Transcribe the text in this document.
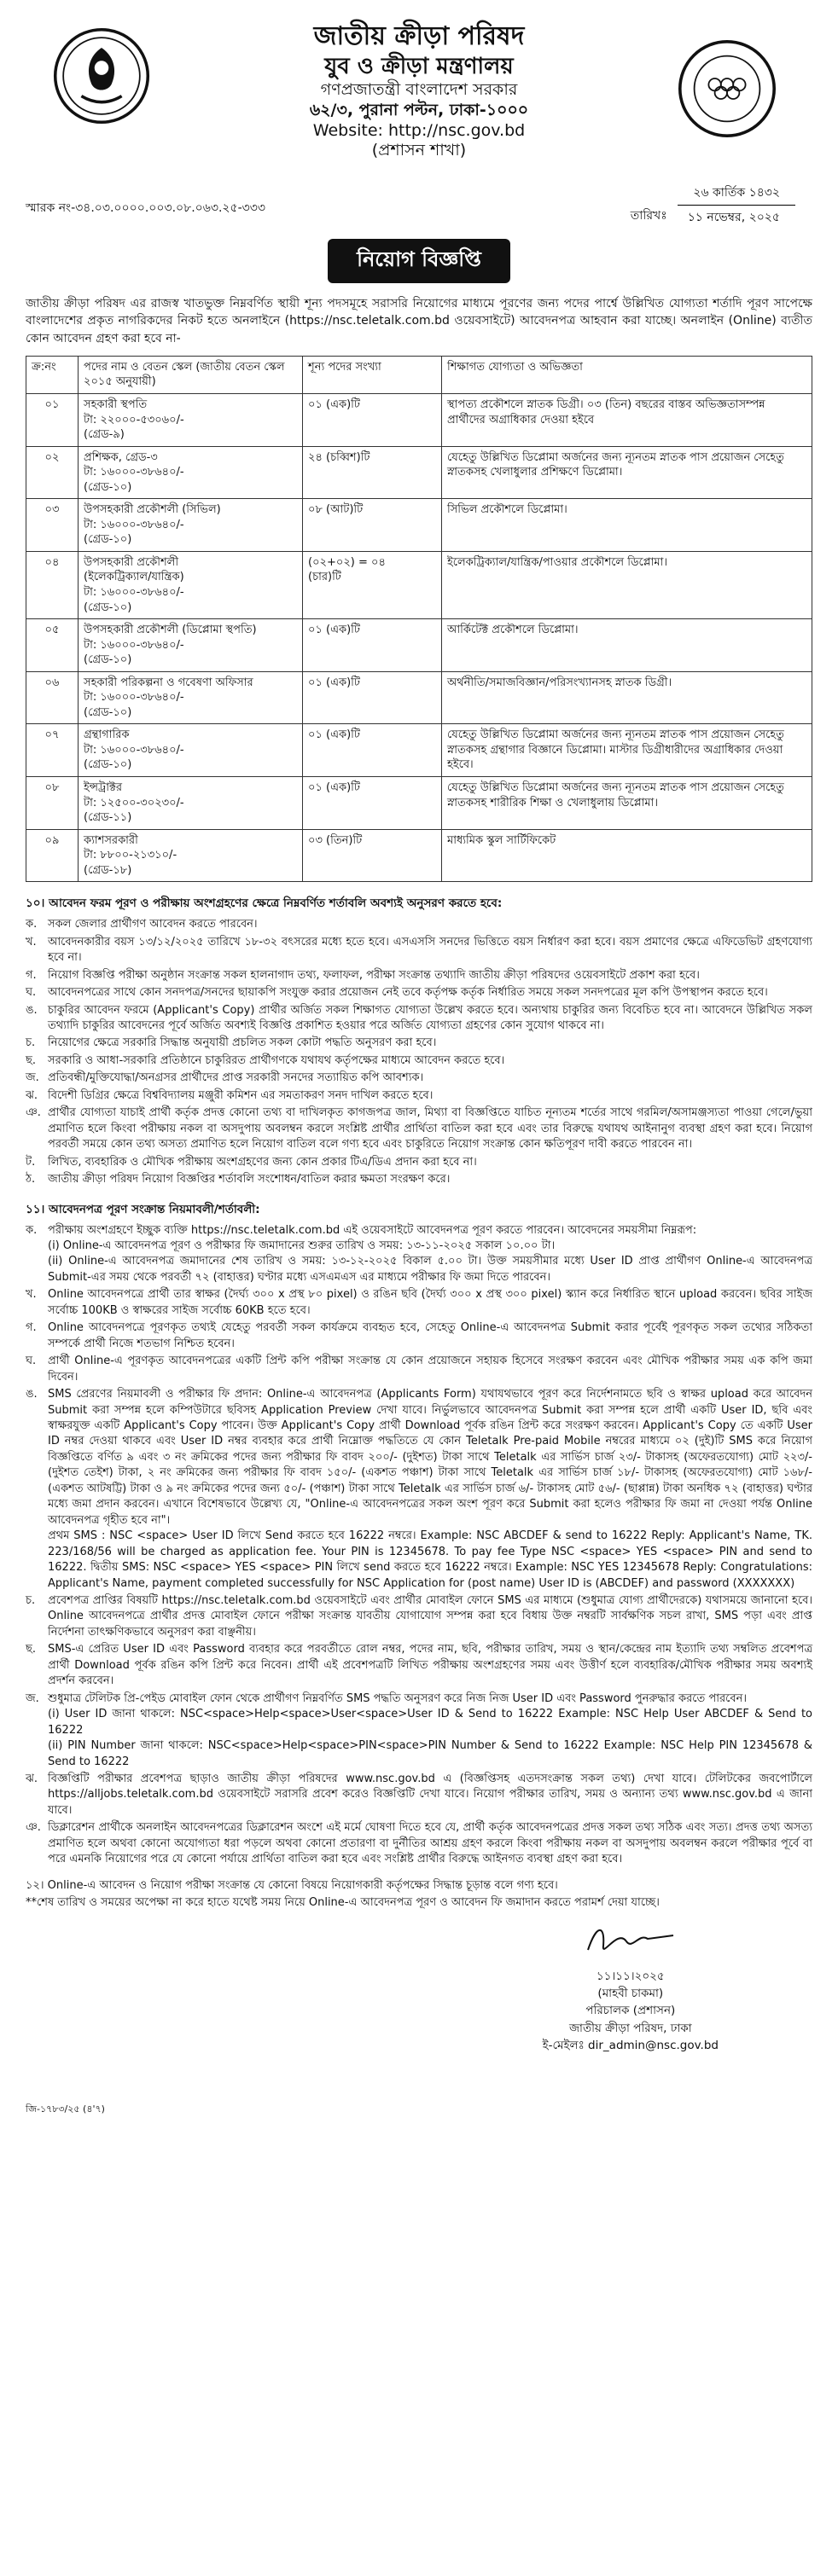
জাতীয় ক্রীড়া পরিষদ
যুব ও ক্রীড়া মন্ত্রণালয়
গণপ্রজাতন্ত্রী বাংলাদেশ সরকার
৬২/৩, পুরানা পল্টন, ঢাকা-১০০০
Website: http://nsc.gov.bd
(প্রশাসন শাখা)
স্মারক নং-৩৪.০৩.০০০০.০০৩.০৮.০৬৩.২৫-৩৩৩
২৬ কার্তিক ১৪৩২
তারিখঃ	১১ নভেম্বর, ২০২৫
নিয়োগ বিজ্ঞপ্তি
জাতীয় ক্রীড়া পরিষদ এর রাজস্ব খাতভুক্ত নিম্নবর্ণিত স্থায়ী শূন্য পদসমূহে সরাসরি নিয়োগের মাধ্যমে পূরণের জন্য পদের পার্শ্বে উল্লিখিত যোগ্যতা শর্তাদি পূরণ সাপেক্ষে বাংলাদেশের প্রকৃত নাগরিকদের নিকট হতে অনলাইনে (https://nsc.teletalk.com.bd ওয়েবসাইটে) আবেদনপত্র আহবান করা যাচ্ছে। অনলাইন (Online) ব্যতীত কোন আবেদন গ্রহণ করা হবে না-
ক্র:নং	পদের নাম ও বেতন স্কেল (জাতীয় বেতন স্কেল ২০১৫ অনুযায়ী)	শূন্য পদের সংখ্যা	শিক্ষাগত যোগ্যতা ও অভিজ্ঞতা
০১	সহকারী স্থপতি
টা: ২২০০০-৫৩০৬০/-
(গ্রেড-৯)	০১ (এক)টি	স্থাপত্য প্রকৌশলে স্নাতক ডিগ্রী। ০৩ (তিন) বছরের বাস্তব অভিজ্ঞতাসম্পন্ন প্রার্থীদের অগ্রাধিকার দেওয়া হইবে
০২	প্রশিক্ষক, গ্রেড-৩
টা: ১৬০০০-৩৮৬৪০/-
(গ্রেড-১০)	২৪ (চব্বিশ)টি	যেহেতু উল্লিখিত ডিপ্লোমা অর্জনের জন্য ন্যূনতম স্নাতক পাস প্রয়োজন সেহেতু স্নাতকসহ খেলাধুলার প্রশিক্ষণে ডিপ্লোমা।
০৩	উপসহকারী প্রকৌশলী (সিভিল)
টা: ১৬০০০-৩৮৬৪০/-
(গ্রেড-১০)	০৮ (আট)টি	সিভিল প্রকৌশলে ডিপ্লোমা।
০৪	উপসহকারী প্রকৌশলী
(ইলেকট্রিক্যাল/যান্ত্রিক)
টা: ১৬০০০-৩৮৬৪০/-
(গ্রেড-১০)	(০২+০২) = ০৪
(চার)টি	ইলেকট্রিক্যাল/যান্ত্রিক/পাওয়ার প্রকৌশলে ডিপ্লোমা।
০৫	উপসহকারী প্রকৌশলী (ডিপ্লোমা স্থপতি)
টা: ১৬০০০-৩৮৬৪০/-
(গ্রেড-১০)	০১ (এক)টি	আর্কিটেক্ট প্রকৌশলে ডিপ্লোমা।
০৬	সহকারী পরিকল্পনা ও গবেষণা অফিসার
টা: ১৬০০০-৩৮৬৪০/-
(গ্রেড-১০)	০১ (এক)টি	অর্থনীতি/সমাজবিজ্ঞান/পরিসংখ্যানসহ স্নাতক ডিগ্রী।
০৭	গ্রন্থাগারিক
টা: ১৬০০০-৩৮৬৪০/-
(গ্রেড-১০)	০১ (এক)টি	যেহেতু উল্লিখিত ডিপ্লোমা অর্জনের জন্য ন্যূনতম স্নাতক পাস প্রয়োজন সেহেতু স্নাতকসহ গ্রন্থাগার বিজ্ঞানে ডিপ্লোমা। মাস্টার ডিগ্রীধারীদের অগ্রাধিকার দেওয়া হইবে।
০৮	ইন্সট্রাক্টর
টা: ১২৫০০-৩০২৩০/-
(গ্রেড-১১)	০১ (এক)টি	যেহেতু উল্লিখিত ডিপ্লোমা অর্জনের জন্য ন্যূনতম স্নাতক পাস প্রয়োজন সেহেতু স্নাতকসহ শারীরিক শিক্ষা ও খেলাধুলায় ডিপ্লোমা।
০৯	ক্যাশসরকারী
টা: ৮৮০০-২১৩১০/-
(গ্রেড-১৮)	০৩ (তিন)টি	মাধ্যমিক স্কুল সার্টিফিকেট
১০। আবেদন ফরম পূরণ ও পরীক্ষায় অংশগ্রহণের ক্ষেত্রে নিম্নবর্ণিত শর্তাবলি অবশ্যই অনুসরণ করতে হবে:
ক. সকল জেলার প্রার্থীগণ আবেদন করতে পারবেন।
খ.	আবেদনকারীর বয়স ১৩/১২/২০২৫ তারিখে ১৮-৩২ বৎসরের মধ্যে হতে হবে। এসএসসি সনদের ভিত্তিতে বয়স নির্ধারণ করা হবে। বয়স প্রমাণের ক্ষেত্রে এফিডেভিট গ্রহণযোগ্য হবে না।
গ.	নিয়োগ বিজ্ঞপ্তি পরীক্ষা অনুষ্ঠান সংক্রান্ত সকল হালনাগাদ তথ্য, ফলাফল, পরীক্ষা সংক্রান্ত তথ্যাদি জাতীয় ক্রীড়া পরিষদের ওয়েবসাইটে প্রকাশ করা হবে।
ঘ.	আবেদনপত্রের সাথে কোন সনদপত্র/সনদের ছায়াকপি সংযুক্ত করার প্রয়োজন নেই তবে কর্তৃপক্ষ কর্তৃক নির্ধারিত সময়ে সকল সনদপত্রের মূল কপি উপস্থাপন করতে হবে।
ঙ. চাকুরির আবেদন ফরমে (Applicant's Copy) প্রার্থীর অর্জিত সকল শিক্ষাগত যোগ্যতা উল্লেখ করতে হবে। অন্যথায় চাকুরির জন্য বিবেচিত হবে না। আবেদনে উল্লিখিত সকল তথ্যাদি চাকুরির আবেদনের পূর্বে অর্জিত অবশ্যই বিজ্ঞপ্তি প্রকাশিত হওয়ার পরে অর্জিত যোগ্যতা গ্রহণের কোন সুযোগ থাকবে না।
চ.	নিয়োগের ক্ষেত্রে সরকারি সিদ্ধান্ত অনুযায়ী প্রচলিত সকল কোটা পদ্ধতি অনুসরণ করা হবে।
ছ.	সরকারি ও আধা-সরকারি প্রতিষ্ঠানে চাকুরিরত প্রার্থীগণকে যথাযথ কর্তৃপক্ষের মাধ্যমে আবেদন করতে হবে।
জ. প্রতিবন্ধী/মুক্তিযোদ্ধা/অনগ্রসর প্রার্থীদের প্রাপ্ত সরকারী সনদের সত্যায়িত কপি আবশ্যক।
ঝ. বিদেশী ডিগ্রির ক্ষেত্রে বিশ্ববিদ্যালয় মঞ্জুরী কমিশন এর সমতাকরণ সনদ দাখিল করতে হবে।
ঞ. প্রার্থীর যোগ্যতা যাচাই প্রার্থী কর্তৃক প্রদত্ত কোনো তথ্য বা দাখিলকৃত কাগজপত্র জাল, মিথ্যা বা বিজ্ঞপ্তিতে যাচিত নূন্যতম শর্তের সাথে গরমিল/অসামঞ্জস্যতা পাওয়া গেলে/ভুয়া প্রমাণিত হলে কিংবা পরীক্ষায় নকল বা অসদুপায় অবলম্বন করলে সংশ্লিষ্ট প্রার্থীর প্রার্থিতা বাতিল করা হবে এবং তার বিরুদ্ধে যথাযথ আইনানুগ ব্যবস্থা গ্রহণ করা হবে। নিয়োগ পরবর্তী সময়ে কোন তথ্য অসত্য প্রমাণিত হলে নিয়োগ বাতিল বলে গণ্য হবে এবং চাকুরিতে নিয়োগ সংক্রান্ত কোন ক্ষতিপূরণ দাবী করতে পারবেন না।
ট.	লিখিত, ব্যবহারিক ও মৌখিক পরীক্ষায় অংশগ্রহণের জন্য কোন প্রকার টিএ/ডিএ প্রদান করা হবে না।
ঠ.	জাতীয় ক্রীড়া পরিষদ নিয়োগ বিজ্ঞপ্তির শর্তাবলি সংশোধন/বাতিল করার ক্ষমতা সংরক্ষণ করে।
১১। আবেদনপত্র পূরণ সংক্রান্ত নিয়মাবলী/শর্তাবলী:
ক. পরীক্ষায় অংশগ্রহণে ইচ্ছুক ব্যক্তি https://nsc.teletalk.com.bd এই ওয়েবসাইটে আবেদনপত্র পূরণ করতে পারবেন। আবেদনের সময়সীমা নিম্নরূপ:
(i) Online-এ আবেদনপত্র পূরণ ও পরীক্ষার ফি জমাদানের শুরুর তারিখ ও সময়: ১৩-১১-২০২৫ সকাল ১০.০০ টা।
(ii) Online-এ আবেদনপত্র জমাদানের শেষ তারিখ ও সময়: ১৩-১২-২০২৫ বিকাল ৫.০০ টা। উক্ত সময়সীমার মধ্যে User ID প্রাপ্ত প্রার্থীগণ Online-এ আবেদনপত্র Submit-এর সময় থেকে পরবর্তী ৭২ (বাহাত্তর) ঘণ্টার মধ্যে এসএমএস এর মাধ্যমে পরীক্ষার ফি জমা দিতে পারবেন।
খ.	Online আবেদনপত্রে প্রার্থী তার স্বাক্ষর (দৈর্ঘ্য ৩০০ x প্রস্থ ৮০ pixel) ও রঙিন ছবি (দৈর্ঘ্য ৩০০ x প্রস্থ ৩০০ pixel) স্ক্যান করে নির্ধারিত স্থানে upload করবেন। ছবির সাইজ সর্বোচ্চ 100KB ও স্বাক্ষরের সাইজ সর্বোচ্চ 60KB হতে হবে।
গ.	Online আবেদনপত্রে পূরণকৃত তথ্যই যেহেতু পরবর্তী সকল কার্যক্রমে ব্যবহৃত হবে, সেহেতু Online-এ আবেদনপত্র Submit করার পূর্বেই পূরণকৃত সকল তথ্যের সঠিকতা সম্পর্কে প্রার্থী নিজে শতভাগ নিশ্চিত হবেন।
ঘ.	প্রার্থী Online-এ পূরণকৃত আবেদনপত্রের একটি প্রিন্ট কপি পরীক্ষা সংক্রান্ত যে কোন প্রয়োজনে সহায়ক হিসেবে সংরক্ষণ করবেন এবং মৌখিক পরীক্ষার সময় এক কপি জমা দিবেন।
ঙ. SMS প্রেরণের নিয়মাবলী ও পরীক্ষার ফি প্রদান: Online-এ আবেদনপত্র (Applicants Form) যথাযথভাবে পূরণ করে নির্দেশনামতে ছবি ও স্বাক্ষর upload করে আবেদন Submit করা সম্পন্ন হলে কম্পিউটারে ছবিসহ Application Preview দেখা যাবে। নির্ভুলভাবে আবেদনপত্র Submit করা সম্পন্ন হলে প্রার্থী একটি User ID, ছবি এবং স্বাক্ষরযুক্ত একটি Applicant's Copy পাবেন। উক্ত Applicant's Copy প্রার্থী Download পূর্বক রঙিন প্রিন্ট করে সংরক্ষণ করবেন। Applicant's Copy তে একটি User ID নম্বর দেওয়া থাকবে এবং User ID নম্বর ব্যবহার করে প্রার্থী নিম্নোক্ত পদ্ধতিতে যে কোন Teletalk Pre-paid Mobile নম্বরের মাধ্যমে ০২ (দুই)টি SMS করে নিয়োগ বিজ্ঞপ্তিতে বর্ণিত ৯ এবং ৩ নং ক্রমিকের পদের জন্য পরীক্ষার ফি বাবদ ২০০/- (দুইশত) টাকা সাথে Teletalk এর সার্ভিস চার্জ ২৩/- টাকাসহ (অফেরতযোগ্য) মোট ২২৩/- (দুইশত তেইশ) টাকা, ২ নং ক্রমিকের জন্য পরীক্ষার ফি বাবদ ১৫০/- (একশত পঞ্চাশ) টাকা সাথে Teletalk এর সার্ভিস চার্জ ১৮/- টাকাসহ (অফেরতযোগ্য) মোট ১৬৮/- (একশত আটষট্টি) টাকা ও ৯ নং ক্রমিকের পদের জন্য ৫০/- (পঞ্চাশ) টাকা সাথে Teletalk এর সার্ভিস চার্জ ৬/- টাকাসহ মোট ৫৬/- (ছাপ্পান্ন) টাকা অনধিক ৭২ (বাহাত্তর) ঘণ্টার মধ্যে জমা প্রদান করবেন। এখানে বিশেষভাবে উল্লেখ্য যে, "Online-এ আবেদনপত্রের সকল অংশ পূরণ করে Submit করা হলেও পরীক্ষার ফি জমা না দেওয়া পর্যন্ত Online আবেদনপত্র গৃহীত হবে না"।
প্রথম SMS : NSC <space> User ID লিখে Send করতে হবে 16222 নম্বরে। Example: NSC ABCDEF & send to 16222 Reply: Applicant's Name, TK. 223/168/56 will be charged as application fee. Your PIN is 12345678. To pay fee Type NSC <space> YES <space> PIN and send to 16222. দ্বিতীয় SMS: NSC <space> YES <space> PIN লিখে send করতে হবে 16222 নম্বরে। Example: NSC YES 12345678 Reply: Congratulations: Applicant's Name, payment completed successfully for NSC Application for (post name) User ID is (ABCDEF) and password (XXXXXXX)
চ.	প্রবেশপত্র প্রাপ্তির বিষয়টি https://nsc.teletalk.com.bd ওয়েবসাইটে এবং প্রার্থীর মোবাইল ফোনে SMS এর মাধ্যমে (শুধুমাত্র যোগ্য প্রার্থীদেরকে) যথাসময়ে জানানো হবে। Online আবেদনপত্রে প্রার্থীর প্রদত্ত মোবাইল ফোনে পরীক্ষা সংক্রান্ত যাবতীয় যোগাযোগ সম্পন্ন করা হবে বিধায় উক্ত নম্বরটি সার্বক্ষণিক সচল রাখা, SMS পড়া এবং প্রাপ্ত নির্দেশনা তাৎক্ষণিকভাবে অনুসরণ করা বাঞ্ছনীয়।
ছ.	SMS-এ প্রেরিত User ID এবং Password ব্যবহার করে পরবর্তীতে রোল নম্বর, পদের নাম, ছবি, পরীক্ষার তারিখ, সময় ও স্থান/কেন্দ্রের নাম ইত্যাদি তথ্য সম্বলিত প্রবেশপত্র প্রার্থী Download পূর্বক রঙিন কপি প্রিন্ট করে নিবেন। প্রার্থী এই প্রবেশপত্রটি লিখিত পরীক্ষায় অংশগ্রহণের সময় এবং উত্তীর্ণ হলে ব্যবহারিক/মৌখিক পরীক্ষার সময় অবশ্যই প্রদর্শন করবেন।
জ. শুধুমাত্র টেলিটক প্রি-পেইড মোবাইল ফোন থেকে প্রার্থীগণ নিম্নবর্ণিত SMS পদ্ধতি অনুসরণ করে নিজ নিজ User ID এবং Password পুনরুদ্ধার করতে পারবেন।
(i) User ID জানা থাকলে: NSC<space>Help<space>User<space>User ID & Send to 16222 Example: NSC Help User ABCDEF & Send to 16222
(ii) PIN Number জানা থাকলে: NSC<space>Help<space>PIN<space>PIN Number & Send to 16222 Example: NSC Help PIN 12345678 & Send to 16222
ঝ. বিজ্ঞপ্তিটি পরীক্ষার প্রবেশপত্র ছাড়াও জাতীয় ক্রীড়া পরিষদের www.nsc.gov.bd এ (বিজ্ঞপ্তিসহ এতদসংক্রান্ত সকল তথ্য) দেখা যাবে। টেলিটকের জবপোর্টালে https://alljobs.teletalk.com.bd ওয়েবসাইটে সরাসরি প্রবেশ করেও বিজ্ঞপ্তিটি দেখা যাবে। নিয়োগ পরীক্ষার তারিখ, সময় ও অন্যান্য তথ্য www.nsc.gov.bd এ জানা যাবে।
ঞ. ডিক্লারেশন প্রার্থীকে অনলাইন আবেদনপত্রের ডিক্লারেশন অংশে এই মর্মে ঘোষণা দিতে হবে যে, প্রার্থী কর্তৃক আবেদনপত্রের প্রদত্ত সকল তথ্য সঠিক এবং সত্য। প্রদত্ত তথ্য অসত্য প্রমাণিত হলে অথবা কোনো অযোগ্যতা ধরা পড়লে অথবা কোনো প্রতারণা বা দুর্নীতির আশ্রয় গ্রহণ করলে কিংবা পরীক্ষায় নকল বা অসদুপায় অবলম্বন করলে পরীক্ষার পূর্বে বা পরে এমনকি নিয়োগের পরে যে কোনো পর্যায়ে প্রার্থিতা বাতিল করা হবে এবং সংশ্লিষ্ট প্রার্থীর বিরুদ্ধে আইনগত ব্যবস্থা গ্রহণ করা হবে।
১২। Online-এ আবেদন ও নিয়োগ পরীক্ষা সংক্রান্ত যে কোনো বিষয়ে নিয়োগকারী কর্তৃপক্ষের সিদ্ধান্ত চূড়ান্ত বলে গণ্য হবে।
**শেষ তারিখ ও সময়ের অপেক্ষা না করে হাতে যথেষ্ট সময় নিয়ে Online-এ আবেদনপত্র পূরণ ও আবেদন ফি জমাদান করতে পরামর্শ দেয়া যাচ্ছে।
১১।১১।২০২৫
(মাহবী চাকমা)
পরিচালক (প্রশাসন)
জাতীয় ক্রীড়া পরিষদ, ঢাকা
ই-মেইলঃ dir_admin@nsc.gov.bd
জি-১৭৮৩/২৫ (৪'৭)
